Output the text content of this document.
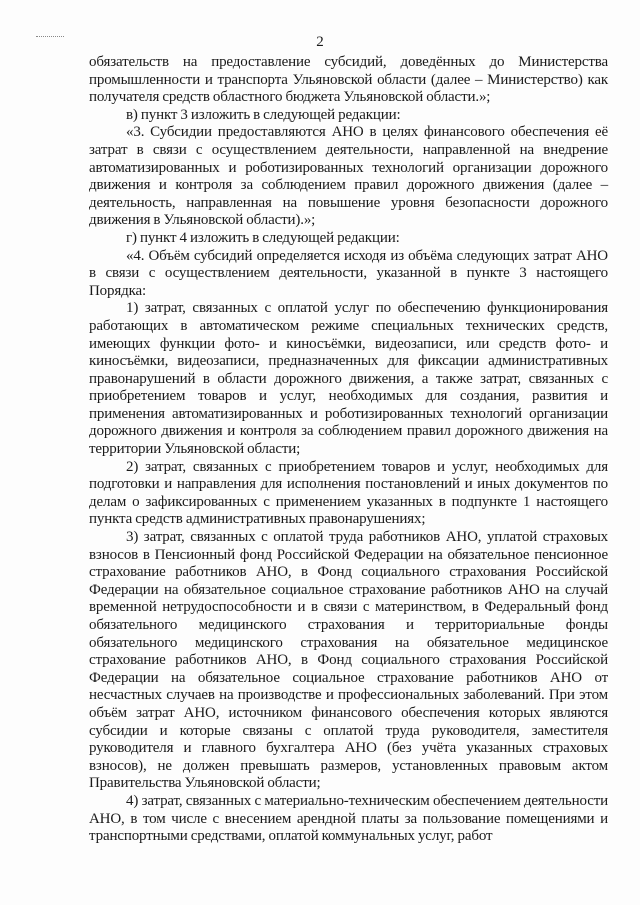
2

обязательств на предоставление субсидий, доведённых до Министерства промышленности и транспорта Ульяновской области (далее – Министерство) как получателя средств областного бюджета Ульяновской области.»;

в) пункт 3 изложить в следующей редакции:

«3. Субсидии предоставляются АНО в целях финансового обеспечения её затрат в связи с осуществлением деятельности, направленной на внедрение автоматизированных и роботизированных технологий организации дорожного движения и контроля за соблюдением правил дорожного движения (далее – деятельность, направленная на повышение уровня безопасности дорожного движения в Ульяновской области).»;

г) пункт 4 изложить в следующей редакции:

«4. Объём субсидий определяется исходя из объёма следующих затрат АНО в связи с осуществлением деятельности, указанной в пункте 3 настоящего Порядка:

1) затрат, связанных с оплатой услуг по обеспечению функционирования работающих в автоматическом режиме специальных технических средств, имеющих функции фото- и киносъёмки, видеозаписи, или средств фото- и киносъёмки, видеозаписи, предназначенных для фиксации административных правонарушений в области дорожного движения, а также затрат, связанных с приобретением товаров и услуг, необходимых для создания, развития и применения автоматизированных и роботизированных технологий организации дорожного движения и контроля за соблюдением правил дорожного движения на территории Ульяновской области;

2) затрат, связанных с приобретением товаров и услуг, необходимых для подготовки и направления для исполнения постановлений и иных документов по делам о зафиксированных с применением указанных в подпункте 1 настоящего пункта средств административных правонарушениях;

3) затрат, связанных с оплатой труда работников АНО, уплатой страховых взносов в Пенсионный фонд Российской Федерации на обязательное пенсионное страхование работников АНО, в Фонд социального страхования Российской Федерации на обязательное социальное страхование работников АНО на случай временной нетрудоспособности и в связи с материнством, в Федеральный фонд обязательного медицинского страхования и территориальные фонды обязательного медицинского страхования на обязательное медицинское страхование работников АНО, в Фонд социального страхования Российской Федерации на обязательное социальное страхование работников АНО от несчастных случаев на производстве и профессиональных заболеваний. При этом объём затрат АНО, источником финансового обеспечения которых являются субсидии и которые связаны с оплатой труда руководителя, заместителя руководителя и главного бухгалтера АНО (без учёта указанных страховых взносов), не должен превышать размеров, установленных правовым актом Правительства Ульяновской области;

4) затрат, связанных с материально-техническим обеспечением деятельности АНО, в том числе с внесением арендной платы за пользование помещениями и транспортными средствами, оплатой коммунальных услуг, работ
